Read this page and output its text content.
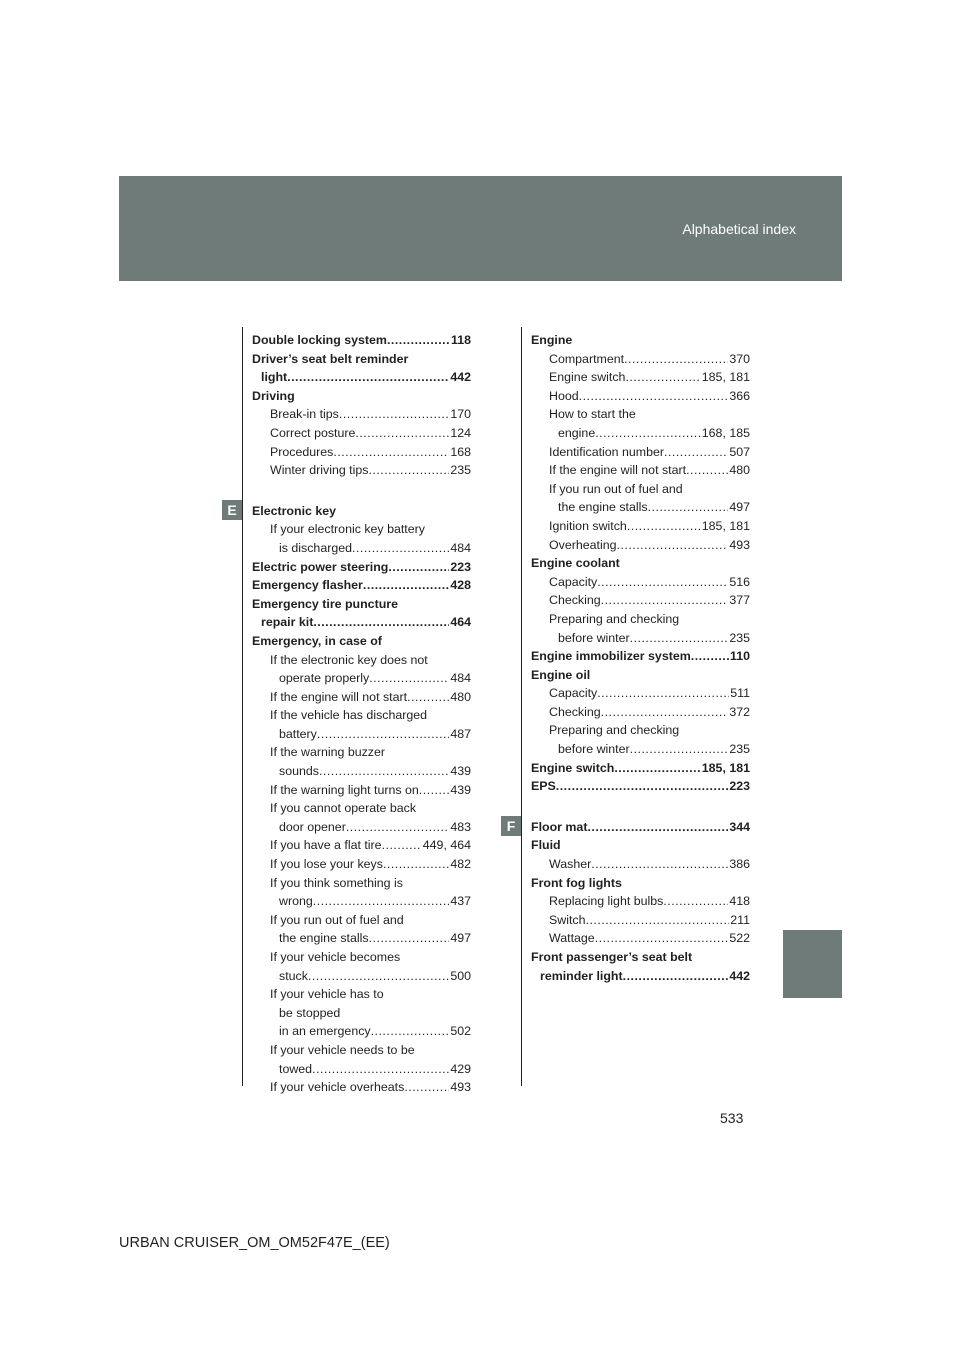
Alphabetical index
E
F
Double locking system .....	118
Driver’s seat belt reminder
light .....	442
Driving
Break-in tips .....	170
Correct posture .....	124
Procedures .....	168
Winter driving tips .....	235
Electronic key
If your electronic key battery
is discharged .....	484
Electric power steering .....	223
Emergency flasher .....	428
Emergency tire puncture
repair kit .....	464
Emergency, in case of
If the electronic key does not
operate properly .....	484
If the engine will not start .....	480
If the vehicle has discharged
battery .....	487
If the warning buzzer
sounds .....	439
If the warning light turns on .....	439
If you cannot operate back
door opener .....	483
If you have a flat tire .....	449, 464
If you lose your keys .....	482
If you think something is
wrong .....	437
If you run out of fuel and
the engine stalls .....	497
If your vehicle becomes
stuck .....	500
If your vehicle has to
be stopped
in an emergency .....	502
If your vehicle needs to be
towed .....	429
If your vehicle overheats .....	493
Engine
Compartment .....	370
Engine switch .....	185, 181
Hood .....	366
How to start the
engine .....	168, 185
Identification number .....	507
If the engine will not start .....	480
If you run out of fuel and
the engine stalls .....	497
Ignition switch .....	185, 181
Overheating .....	493
Engine coolant
Capacity .....	516
Checking .....	377
Preparing and checking
before winter .....	235
Engine immobilizer system .....	110
Engine oil
Capacity .....	511
Checking .....	372
Preparing and checking
before winter .....	235
Engine switch .....	185, 181
EPS .....	223
Floor mat .....	344
Fluid
Washer .....	386
Front fog lights
Replacing light bulbs .....	418
Switch .....	211
Wattage .....	522
Front passenger’s seat belt
reminder light .....	442
533
URBAN CRUISER_OM_OM52F47E_(EE)
